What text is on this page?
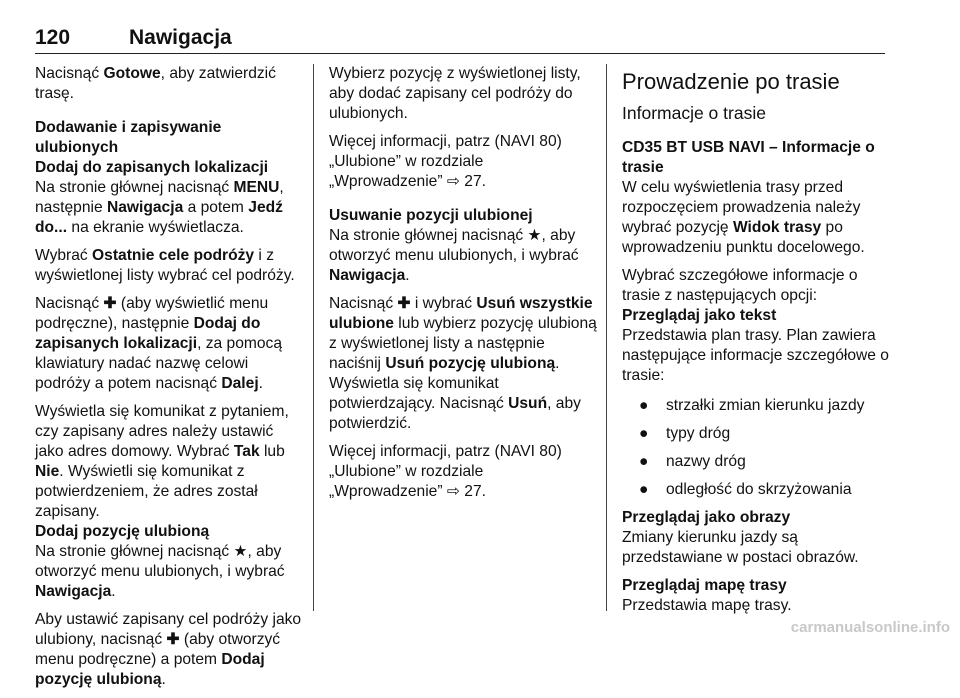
120	Nawigacja

Nacisnąć Gotowe, aby zatwierdzić trasę.

Dodawanie i zapisywanie ulubionych

Dodaj do zapisanych lokalizacji

Na stronie głównej nacisnąć MENU, następnie Nawigacja a potem Jedź do... na ekranie wyświetlacza.

Wybrać Ostatnie cele podróży i z wyświetlonej listy wybrać cel podróży.

Nacisnąć ✚ (aby wyświetlić menu podręczne), następnie Dodaj do zapisanych lokalizacji, za pomocą klawiatury nadać nazwę celowi podróży a potem nacisnąć Dalej.

Wyświetla się komunikat z pytaniem, czy zapisany adres należy ustawić jako adres domowy. Wybrać Tak lub Nie. Wyświetli się komunikat z potwierdzeniem, że adres został zapisany.

Dodaj pozycję ulubioną

Na stronie głównej nacisnąć ★, aby otworzyć menu ulubionych, i wybrać Nawigacja.

Aby ustawić zapisany cel podróży jako ulubiony, nacisnąć ✚ (aby otworzyć menu podręczne) a potem Dodaj pozycję ulubioną.

Wybierz pozycję z wyświetlonej listy, aby dodać zapisany cel podróży do ulubionych.

Więcej informacji, patrz (NAVI 80) „Ulubione” w rozdziale „Wprowadzenie” ⇨ 27.

Usuwanie pozycji ulubionej

Na stronie głównej nacisnąć ★, aby otworzyć menu ulubionych, i wybrać Nawigacja.

Nacisnąć ✚ i wybrać Usuń wszystkie ulubione lub wybierz pozycję ulubioną z wyświetlonej listy a następnie naciśnij Usuń pozycję ulubioną. Wyświetla się komunikat potwierdzający. Nacisnąć Usuń, aby potwierdzić.

Więcej informacji, patrz (NAVI 80) „Ulubione” w rozdziale „Wprowadzenie” ⇨ 27.

Prowadzenie po trasie
Informacje o trasie

CD35 BT USB NAVI – Informacje o trasie

W celu wyświetlenia trasy przed rozpoczęciem prowadzenia należy wybrać pozycję Widok trasy po wprowadzeniu punktu docelowego.

Wybrać szczegółowe informacje o trasie z następujących opcji:

Przeglądaj jako tekst

Przedstawia plan trasy. Plan zawiera następujące informacje szczegółowe o trasie:

● strzałki zmian kierunku jazdy
● typy dróg
● nazwy dróg
● odległość do skrzyżowania

Przeglądaj jako obrazy

Zmiany kierunku jazdy są przedstawiane w postaci obrazów.

Przeglądaj mapę trasy

Przedstawia mapę trasy.

carmanualsonline.info
